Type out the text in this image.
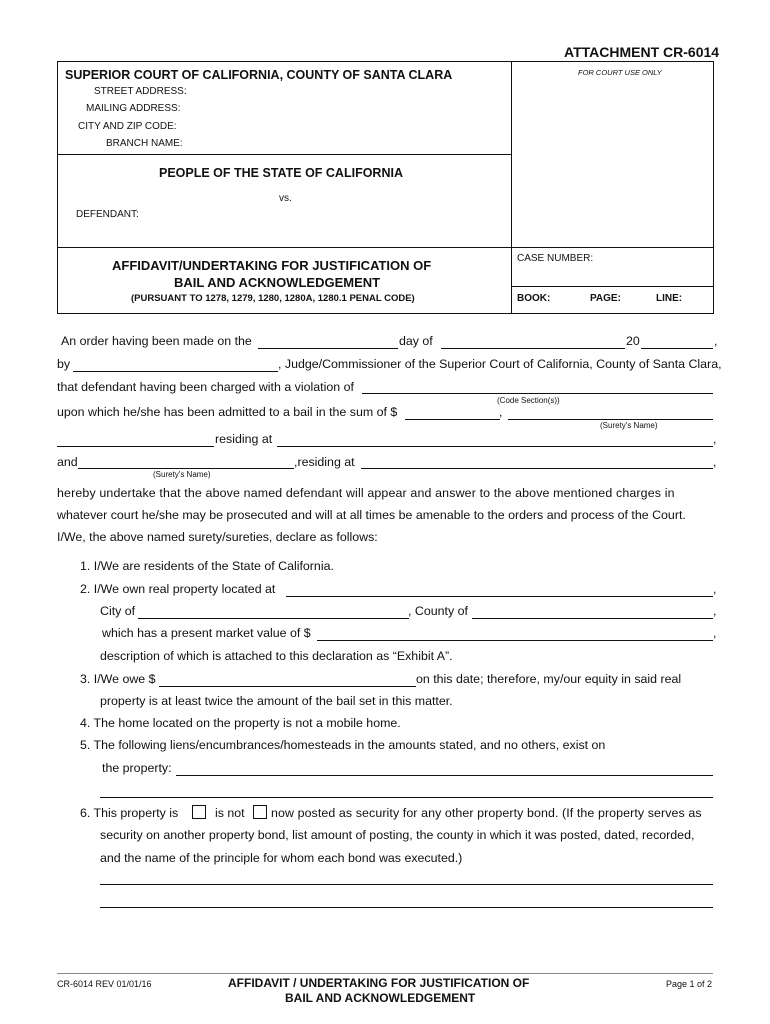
ATTACHMENT CR-6014
SUPERIOR COURT OF CALIFORNIA, COUNTY OF SANTA CLARA
STREET ADDRESS:
MAILING ADDRESS:
CITY AND ZIP CODE:
BRANCH NAME:
FOR COURT USE ONLY
PEOPLE OF THE STATE OF CALIFORNIA
vs.
DEFENDANT:
AFFIDAVIT/UNDERTAKING FOR JUSTIFICATION OF
BAIL AND ACKNOWLEDGEMENT
(PURSUANT TO 1278, 1279, 1280, 1280A, 1280.1 PENAL CODE)
CASE NUMBER:
BOOK:	PAGE:	LINE:
An order having been made on the	day of	20	,
by	, Judge/Commissioner of the Superior Court of California, County of Santa Clara,
that defendant having been charged with a violation of
(Code Section(s))
upon which he/she has been admitted to a bail in the sum of $	,
(Surety's Name)
residing at	,
and
(Surety's Name)
,residing at	,
hereby undertake that the above named defendant will appear and answer to the above mentioned charges in
whatever court he/she may be prosecuted and will at all times be amenable to the orders and process of the Court.
I/We, the above named surety/sureties, declare as follows:
1. I/We are residents of the State of California.
2. I/We own real property located at	,
City of	, County of	,
which has a present market value of $	,
description of which is attached to this declaration as “Exhibit A”.
3. I/We owe $	on this date; therefore, my/our equity in said real
property is at least twice the amount of the bail set in this matter.
4. The home located on the property is not a mobile home.
5. The following liens/encumbrances/homesteads in the amounts stated, and no others, exist on
the property:
6. This property is	is not now posted as security for any other property bond. (If the property serves as
security on another property bond, list amount of posting, the county in which it was posted, dated, recorded,
and the name of the principle for whom each bond was executed.)
CR-6014 REV 01/01/16	AFFIDAVIT / UNDERTAKING FOR JUSTIFICATION OF
BAIL AND ACKNOWLEDGEMENT
Page 1 of 2
